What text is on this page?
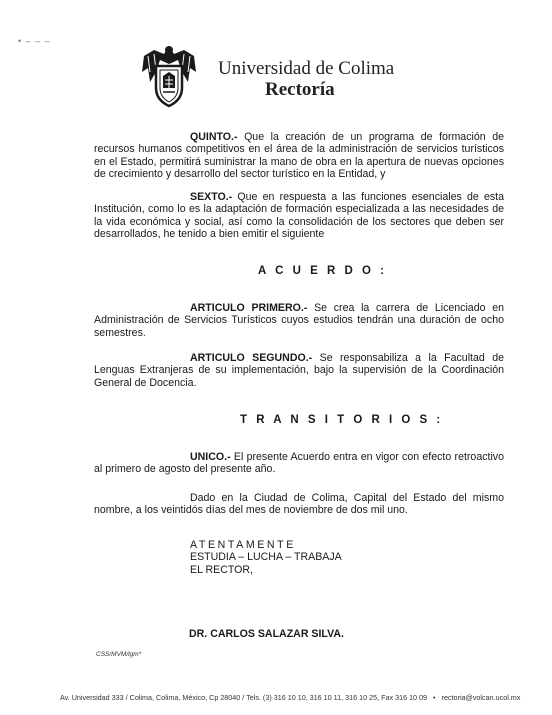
• ‒ ‒ ‒
Universidad de Colima
Rectoría
QUINTO.- Que la creación de un programa de formación de
recursos humanos competitivos en el área de la administración de servicios turísticos
en el Estado, permitirá suministrar la mano de obra en la apertura de nuevas opciones
de crecimiento y desarrollo del sector turístico en la Entidad, y
SEXTO.- Que en respuesta a las funciones esenciales de esta
Institución, como lo es la adaptación de formación especializada a las necesidades de
la vida económica y social, así como la consolidación de los sectores que deben ser
desarrollados, he tenido a bien emitir el siguiente
A C U E R D O :
ARTICULO PRIMERO.- Se crea la carrera de Licenciado en
Administración de Servicios Turísticos cuyos estudios tendrán una duración de ocho
semestres.
ARTICULO SEGUNDO.- Se responsabiliza a la Facultad de
Lenguas Extranjeras de su implementación, bajo la supervisión de la Coordinación
General de Docencia.
T R A N S I T O R I O S :
UNICO.- El presente Acuerdo entra en vigor con efecto retroactivo
al primero de agosto del presente año.
Dado en la Ciudad de Colima, Capital del Estado del mismo
nombre, a los veintidós días del mes de noviembre de dos mil uno.
ATENTAMENTE
ESTUDIA – LUCHA – TRABAJA
EL RECTOR,
DR. CARLOS SALAZAR SILVA.
CSS/MVM/lgm*
Av. Universidad 333 / Colima, Colima, México, Cp 28040 / Tels. (3) 316 10 10, 316 10 11, 316 10 25, Fax 316 10 09 • rectoria@volcan.ucol.mx
